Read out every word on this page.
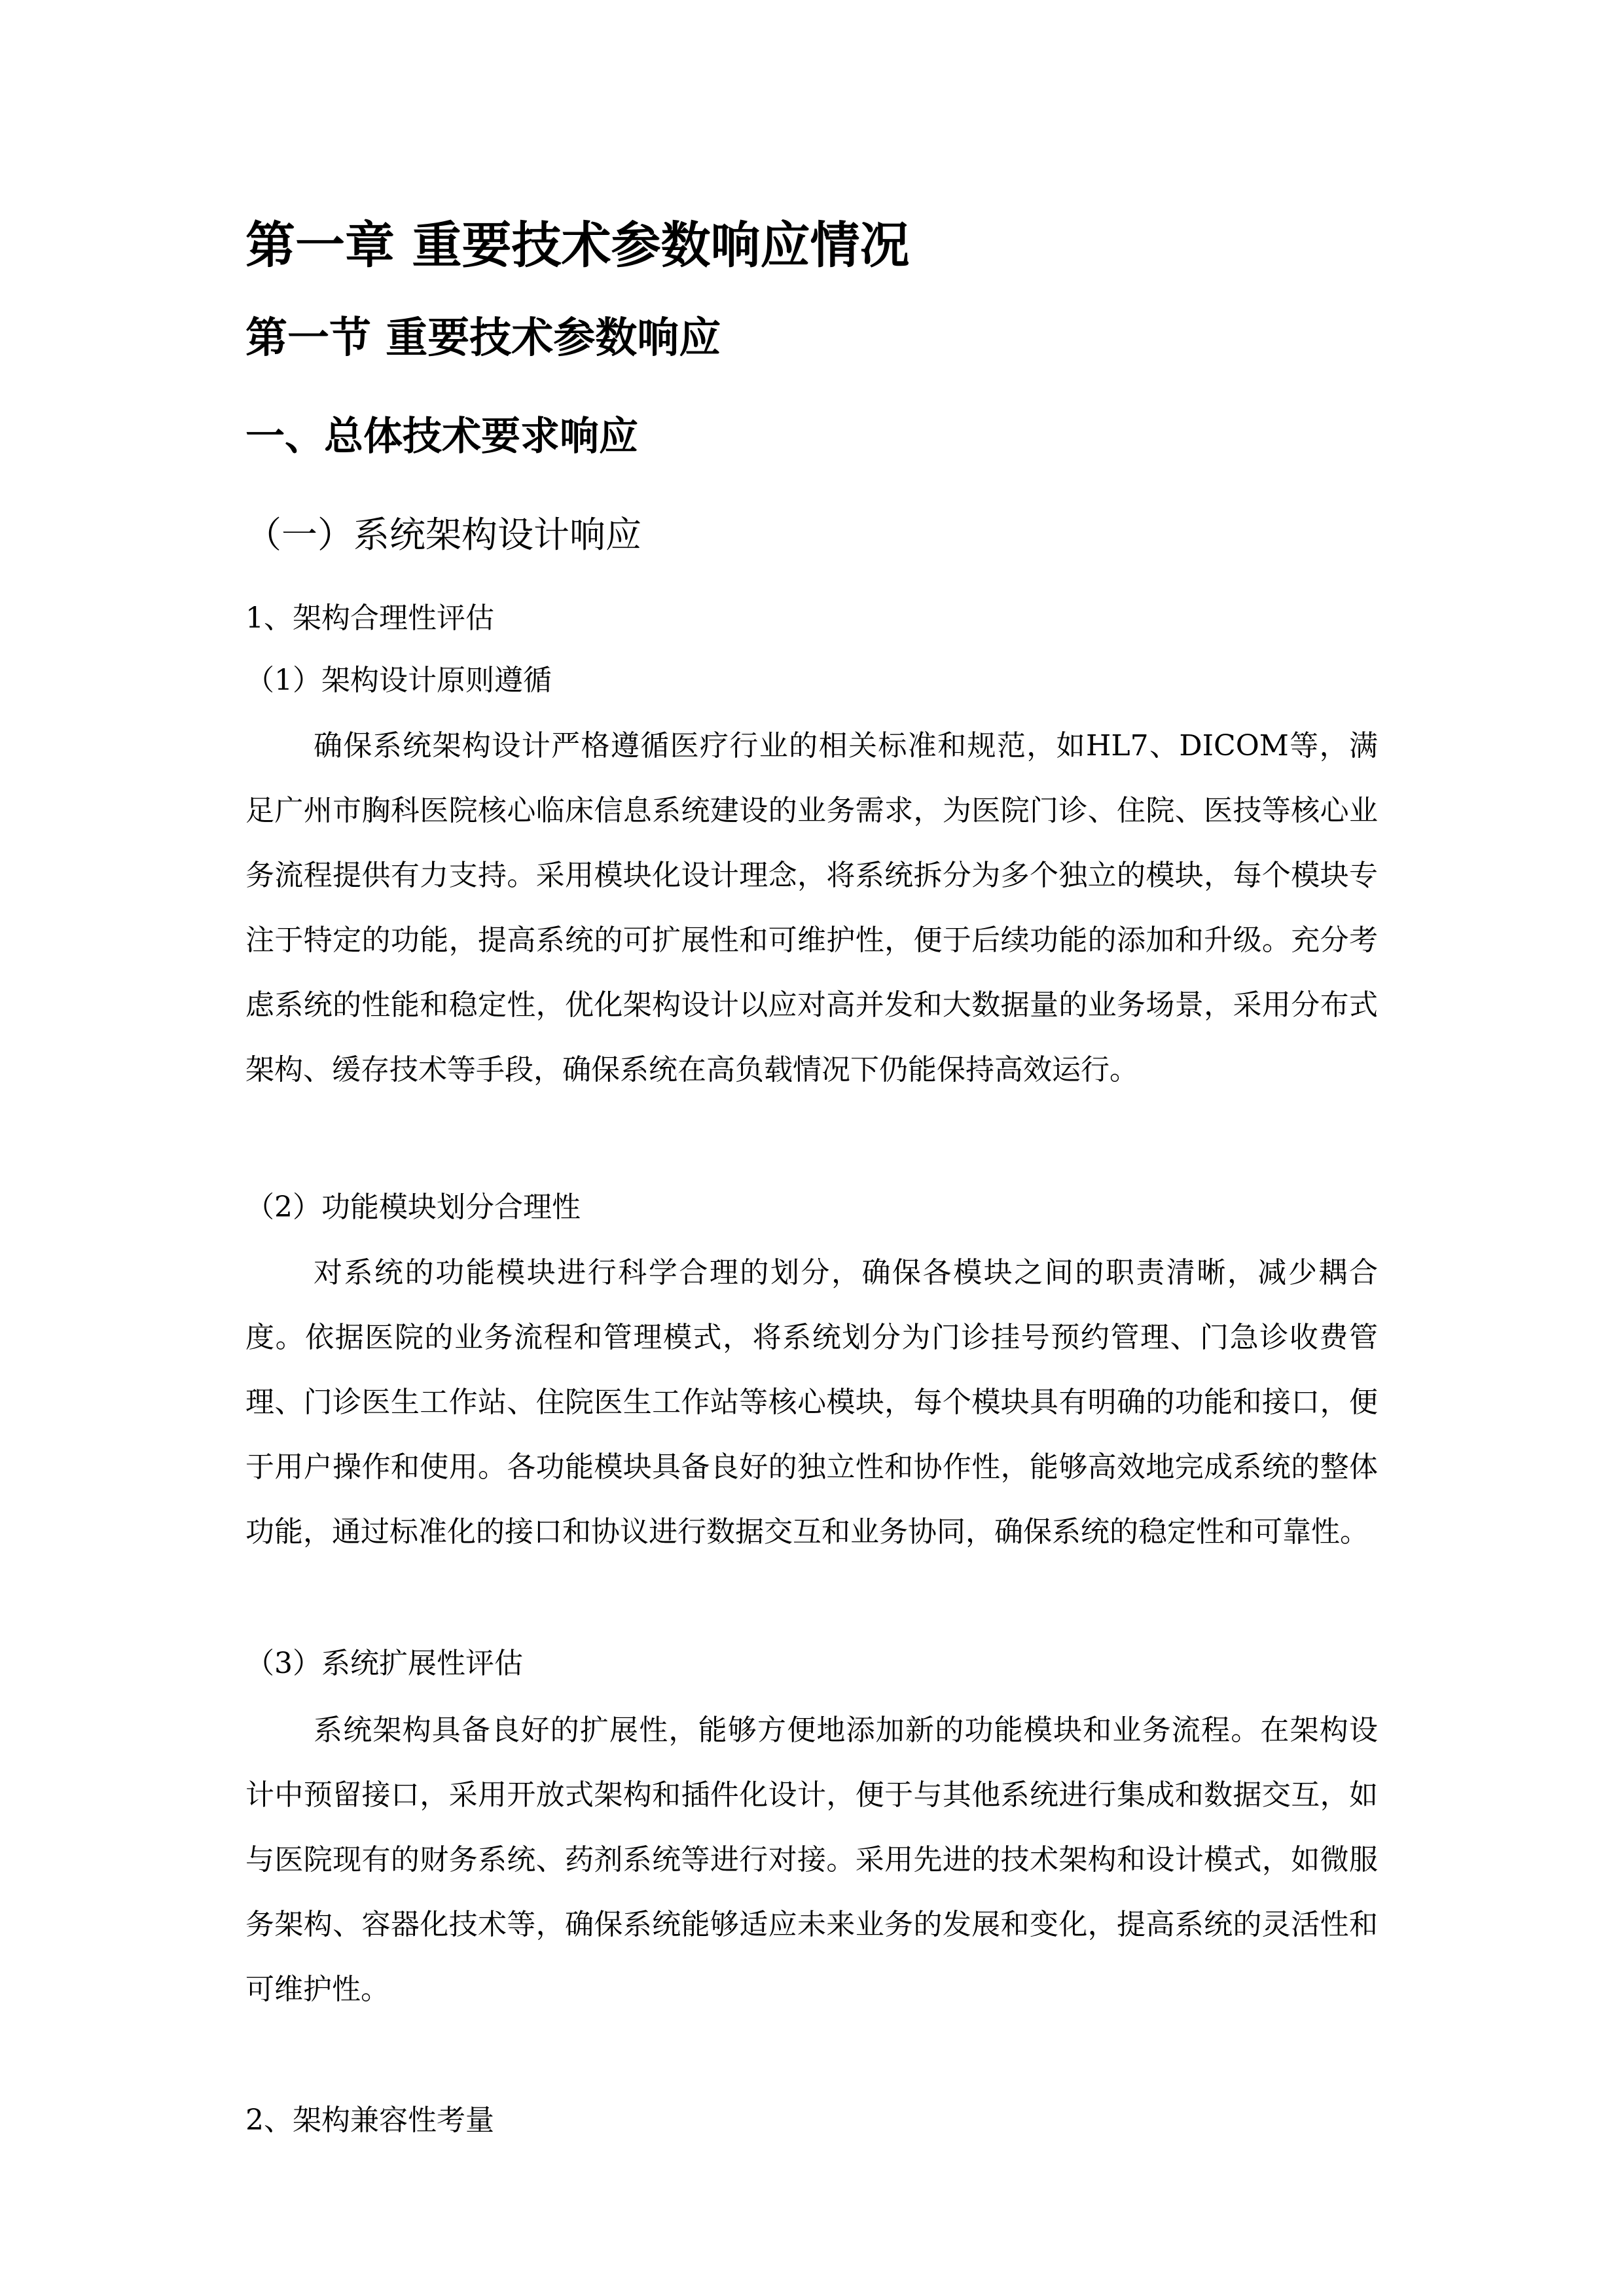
第一章 重要技术参数响应情况
第一节 重要技术参数响应
一、总体技术要求响应
（一）系统架构设计响应
1、架构合理性评估
（1）架构设计原则遵循

确保系统架构设计严格遵循医疗行业的相关标准和规范，如HL7、DICOM等，满足广州市胸科医院核心临床信息系统建设的业务需求，为医院门诊、住院、医技等核心业务流程提供有力支持。采用模块化设计理念，将系统拆分为多个独立的模块，每个模块专注于特定的功能，提高系统的可扩展性和可维护性，便于后续功能的添加和升级。充分考虑系统的性能和稳定性，优化架构设计以应对高并发和大数据量的业务场景，采用分布式架构、缓存技术等手段，确保系统在高负载情况下仍能保持高效运行。

（2）功能模块划分合理性

对系统的功能模块进行科学合理的划分，确保各模块之间的职责清晰，减少耦合度。依据医院的业务流程和管理模式，将系统划分为门诊挂号预约管理、门急诊收费管理、门诊医生工作站、住院医生工作站等核心模块，每个模块具有明确的功能和接口，便于用户操作和使用。各功能模块具备良好的独立性和协作性，能够高效地完成系统的整体功能，通过标准化的接口和协议进行数据交互和业务协同，确保系统的稳定性和可靠性。

（3）系统扩展性评估

系统架构具备良好的扩展性，能够方便地添加新的功能模块和业务流程。在架构设计中预留接口，采用开放式架构和插件化设计，便于与其他系统进行集成和数据交互，如与医院现有的财务系统、药剂系统等进行对接。采用先进的技术架构和设计模式，如微服务架构、容器化技术等，确保系统能够适应未来业务的发展和变化，提高系统的灵活性和可维护性。

2、架构兼容性考量
